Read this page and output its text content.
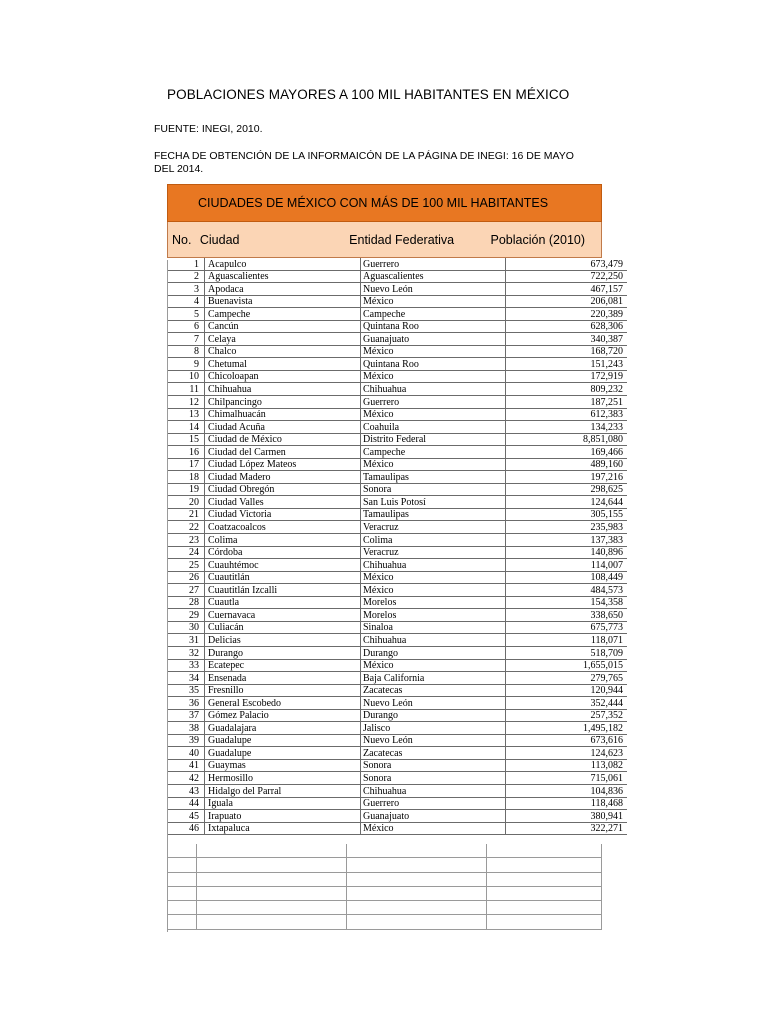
POBLACIONES MAYORES A 100 MIL HABITANTES EN MÉXICO
FUENTE: INEGI, 2010.
FECHA DE OBTENCIÓN DE LA INFORMAICÓN DE LA PÁGINA DE INEGI: 16 DE MAYO DEL 2014.
CIUDADES DE MÉXICO CON MÁS DE 100 MIL HABITANTES
No. Ciudad	Entidad Federativa	Población (2010)
1	Acapulco	Guerrero	673,479
2	Aguascalientes	Aguascalientes	722,250
3	Apodaca	Nuevo León	467,157
4	Buenavista	México	206,081
5	Campeche	Campeche	220,389
6	Cancún	Quintana Roo	628,306
7	Celaya	Guanajuato	340,387
8	Chalco	México	168,720
9	Chetumal	Quintana Roo	151,243
10	Chicoloapan	México	172,919
11	Chihuahua	Chihuahua	809,232
12	Chilpancingo	Guerrero	187,251
13	Chimalhuacán	México	612,383
14	Ciudad Acuña	Coahuila	134,233
15	Ciudad de México	Distrito Federal	8,851,080
16	Ciudad del Carmen	Campeche	169,466
17	Ciudad López Mateos	México	489,160
18	Ciudad Madero	Tamaulipas	197,216
19	Ciudad Obregón	Sonora	298,625
20	Ciudad Valles	San Luis Potosí	124,644
21	Ciudad Victoria	Tamaulipas	305,155
22	Coatzacoalcos	Veracruz	235,983
23	Colima	Colima	137,383
24	Córdoba	Veracruz	140,896
25	Cuauhtémoc	Chihuahua	114,007
26	Cuautitlán	México	108,449
27	Cuautitlán Izcalli	México	484,573
28	Cuautla	Morelos	154,358
29	Cuernavaca	Morelos	338,650
30	Culiacán	Sinaloa	675,773
31	Delicias	Chihuahua	118,071
32	Durango	Durango	518,709
33	Ecatepec	México	1,655,015
34	Ensenada	Baja California	279,765
35	Fresnillo	Zacatecas	120,944
36	General Escobedo	Nuevo León	352,444
37	Gómez Palacio	Durango	257,352
38	Guadalajara	Jalisco	1,495,182
39	Guadalupe	Nuevo León	673,616
40	Guadalupe	Zacatecas	124,623
41	Guaymas	Sonora	113,082
42	Hermosillo	Sonora	715,061
43	Hidalgo del Parral	Chihuahua	104,836
44	Iguala	Guerrero	118,468
45	Irapuato	Guanajuato	380,941
46	Ixtapaluca	México	322,271
